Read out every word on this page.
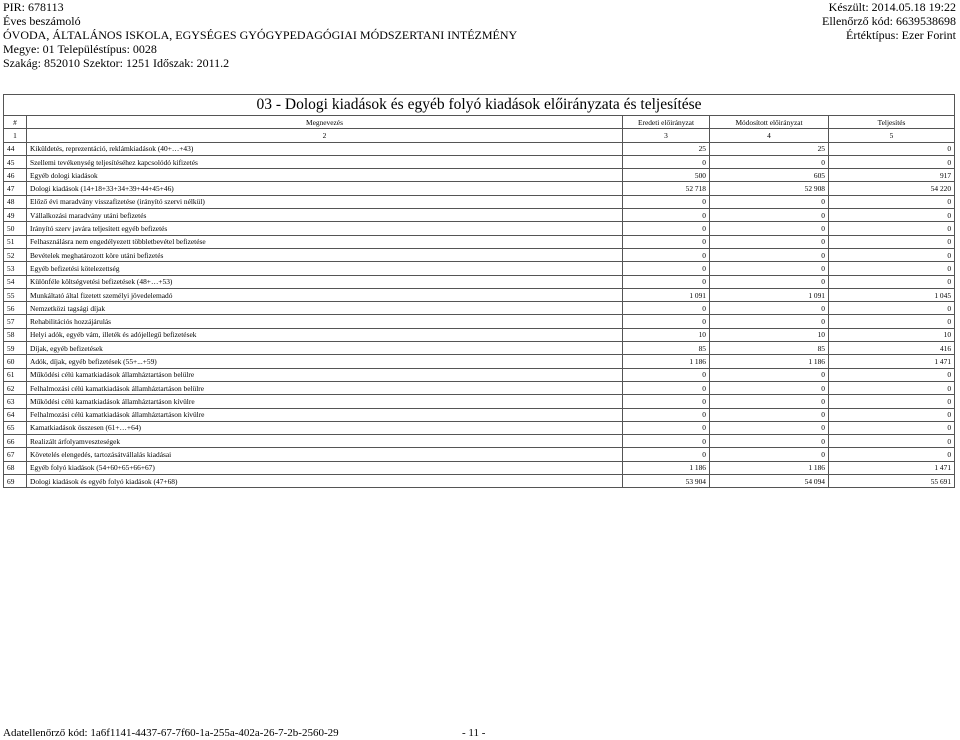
PIR: 678113
Éves beszámoló
ÓVODA, ÁLTALÁNOS ISKOLA, EGYSÉGES GYÓGYPEDAGÓGIAI MÓDSZERTANI INTÉZMÉNY
Megye: 01 Településtípus: 0028
Szakág: 852010 Szektor: 1251 Időszak: 2011.2
Készült: 2014.05.18 19:22
Ellenőrző kód: 6639538698
Értéktípus: Ezer Forint
03 - Dologi kiadások és egyéb folyó kiadások előirányzata és teljesítése				
#	Megnevezés	Eredeti előirányzat	Módosított előirányzat	Teljesítés
1	2	3	4	5
44	Kiküldetés, reprezentáció, reklámkiadások (40+…+43)	25	25	0
45	Szellemi tevékenység teljesítéséhez kapcsolódó kifizetés	0	0	0
46	Egyéb dologi kiadások	500	605	917
47	Dologi kiadások (14+18+33+34+39+44+45+46)	52 718	52 908	54 220
48	Előző évi maradvány visszafizetése (irányító szervi nélkül)	0	0	0
49	Vállalkozási maradvány utáni befizetés	0	0	0
50	Irányító szerv javára teljesített egyéb befizetés	0	0	0
51	Felhasználásra nem engedélyezett többletbevétel befizetése	0	0	0
52	Bevételek meghatározott köre utáni befizetés	0	0	0
53	Egyéb befizetési kötelezettség	0	0	0
54	Különféle költségvetési befizetések (48+…+53)	0	0	0
55	Munkáltató által fizetett személyi jövedelemadó	1 091	1 091	1 045
56	Nemzetközi tagsági díjak	0	0	0
57	Rehabilitációs hozzájárulás	0	0	0
58	Helyi adók, egyéb vám, illeték és adójellegű befizetések	10	10	10
59	Díjak, egyéb befizetések	85	85	416
60	Adók, díjak, egyéb befizetések (55+...+59)	1 186	1 186	1 471
61	Működési célú kamatkiadások államháztartáson belülre	0	0	0
62	Felhalmozási célú kamatkiadások államháztartáson belülre	0	0	0
63	Működési célú kamatkiadások államháztartáson kívülre	0	0	0
64	Felhalmozási célú kamatkiadások államháztartáson kívülre	0	0	0
65	Kamatkiadások összesen (61+…+64)	0	0	0
66	Realizált árfolyamveszteségek	0	0	0
67	Követelés elengedés, tartozásátvállalás kiadásai	0	0	0
68	Egyéb folyó kiadások (54+60+65+66+67)	1 186	1 186	1 471
69	Dologi kiadások és egyéb folyó kiadások (47+68)	53 904	54 094	55 691
Adatellenőrző kód: 1a6f1141-4437-67-7f60-1a-255a-402a-26-7-2b-2560-29	- 11 -
